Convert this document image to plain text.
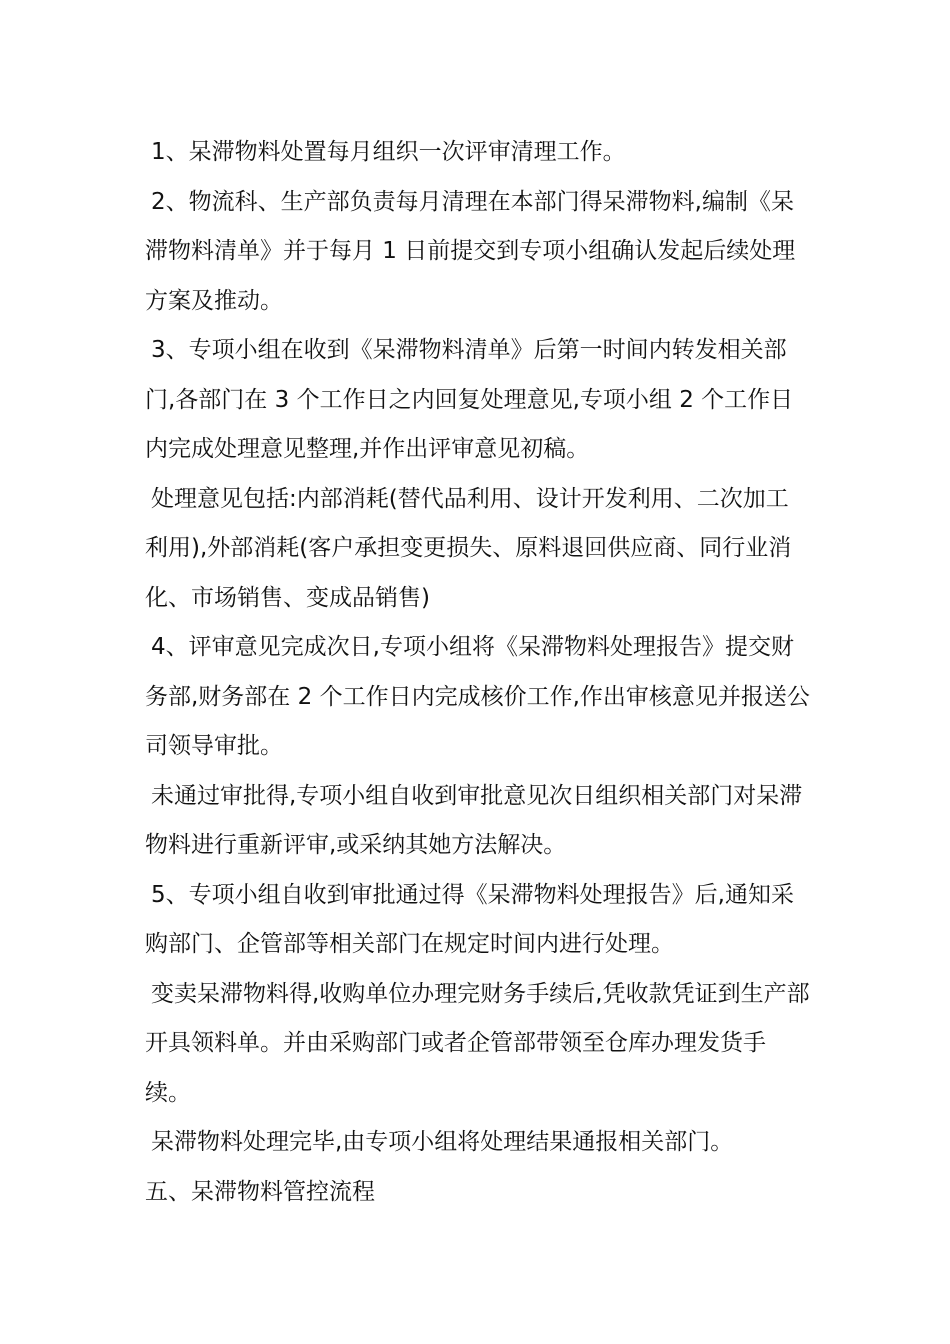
1、呆滞物料处置每月组织一次评审清理工作。

2、物流科、生产部负责每月清理在本部门得呆滞物料,编制《呆滞物料清单》并于每月 1 日前提交到专项小组确认发起后续处理方案及推动。

3、专项小组在收到《呆滞物料清单》后第一时间内转发相关部门,各部门在 3 个工作日之内回复处理意见,专项小组 2 个工作日内完成处理意见整理,并作出评审意见初稿。

处理意见包括:内部消耗(替代品利用、设计开发利用、二次加工利用),外部消耗(客户承担变更损失、原料退回供应商、同行业消化、市场销售、变成品销售)

4、评审意见完成次日,专项小组将《呆滞物料处理报告》提交财务部,财务部在 2 个工作日内完成核价工作,作出审核意见并报送公司领导审批。

未通过审批得,专项小组自收到审批意见次日组织相关部门对呆滞物料进行重新评审,或采纳其她方法解决。

5、专项小组自收到审批通过得《呆滞物料处理报告》后,通知采购部门、企管部等相关部门在规定时间内进行处理。

变卖呆滞物料得,收购单位办理完财务手续后,凭收款凭证到生产部开具领料单。并由采购部门或者企管部带领至仓库办理发货手续。

呆滞物料处理完毕,由专项小组将处理结果通报相关部门。

五、呆滞物料管控流程
